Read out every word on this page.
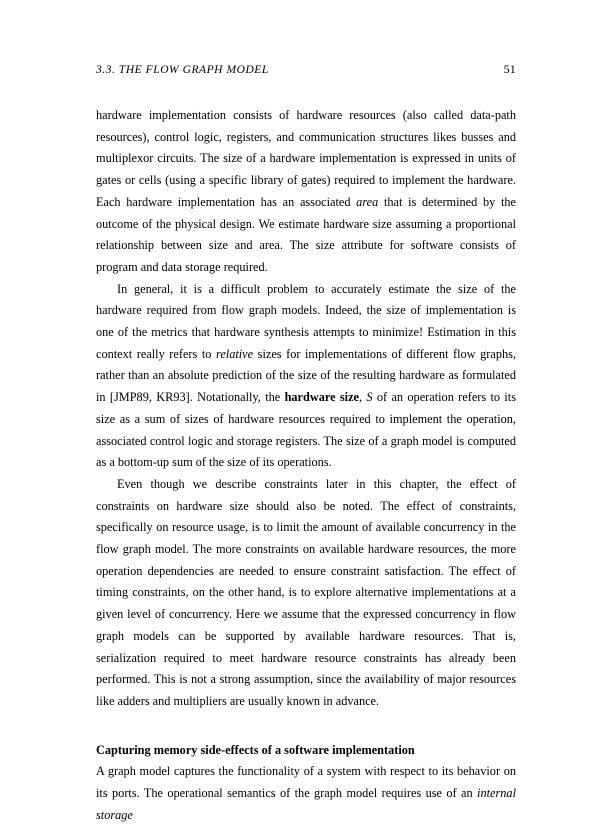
3.3. THE FLOW GRAPH MODEL	51

hardware implementation consists of hardware resources (also called data-path resources), control logic, registers, and communication structures likes busses and multiplexor circuits. The size of a hardware implementation is expressed in units of gates or cells (using a specific library of gates) required to implement the hardware. Each hardware implementation has an associated area that is determined by the outcome of the physical design. We estimate hardware size assuming a proportional relationship between size and area. The size attribute for software consists of program and data storage required.

In general, it is a difficult problem to accurately estimate the size of the hardware required from flow graph models. Indeed, the size of implementation is one of the metrics that hardware synthesis attempts to minimize! Estimation in this context really refers to relative sizes for implementations of different flow graphs, rather than an absolute prediction of the size of the resulting hardware as formulated in [JMP89, KR93]. Notationally, the hardware size, S of an operation refers to its size as a sum of sizes of hardware resources required to implement the operation, associated control logic and storage registers. The size of a graph model is computed as a bottom-up sum of the size of its operations.

Even though we describe constraints later in this chapter, the effect of constraints on hardware size should also be noted. The effect of constraints, specifically on resource usage, is to limit the amount of available concurrency in the flow graph model. The more constraints on available hardware resources, the more operation dependencies are needed to ensure constraint satisfaction. The effect of timing constraints, on the other hand, is to explore alternative implementations at a given level of concurrency. Here we assume that the expressed concurrency in flow graph models can be supported by available hardware resources. That is, serialization required to meet hardware resource constraints has already been performed. This is not a strong assumption, since the availability of major resources like adders and multipliers are usually known in advance.

Capturing memory side-effects of a software implementation

A graph model captures the functionality of a system with respect to its behavior on its ports. The operational semantics of the graph model requires use of an internal storage
